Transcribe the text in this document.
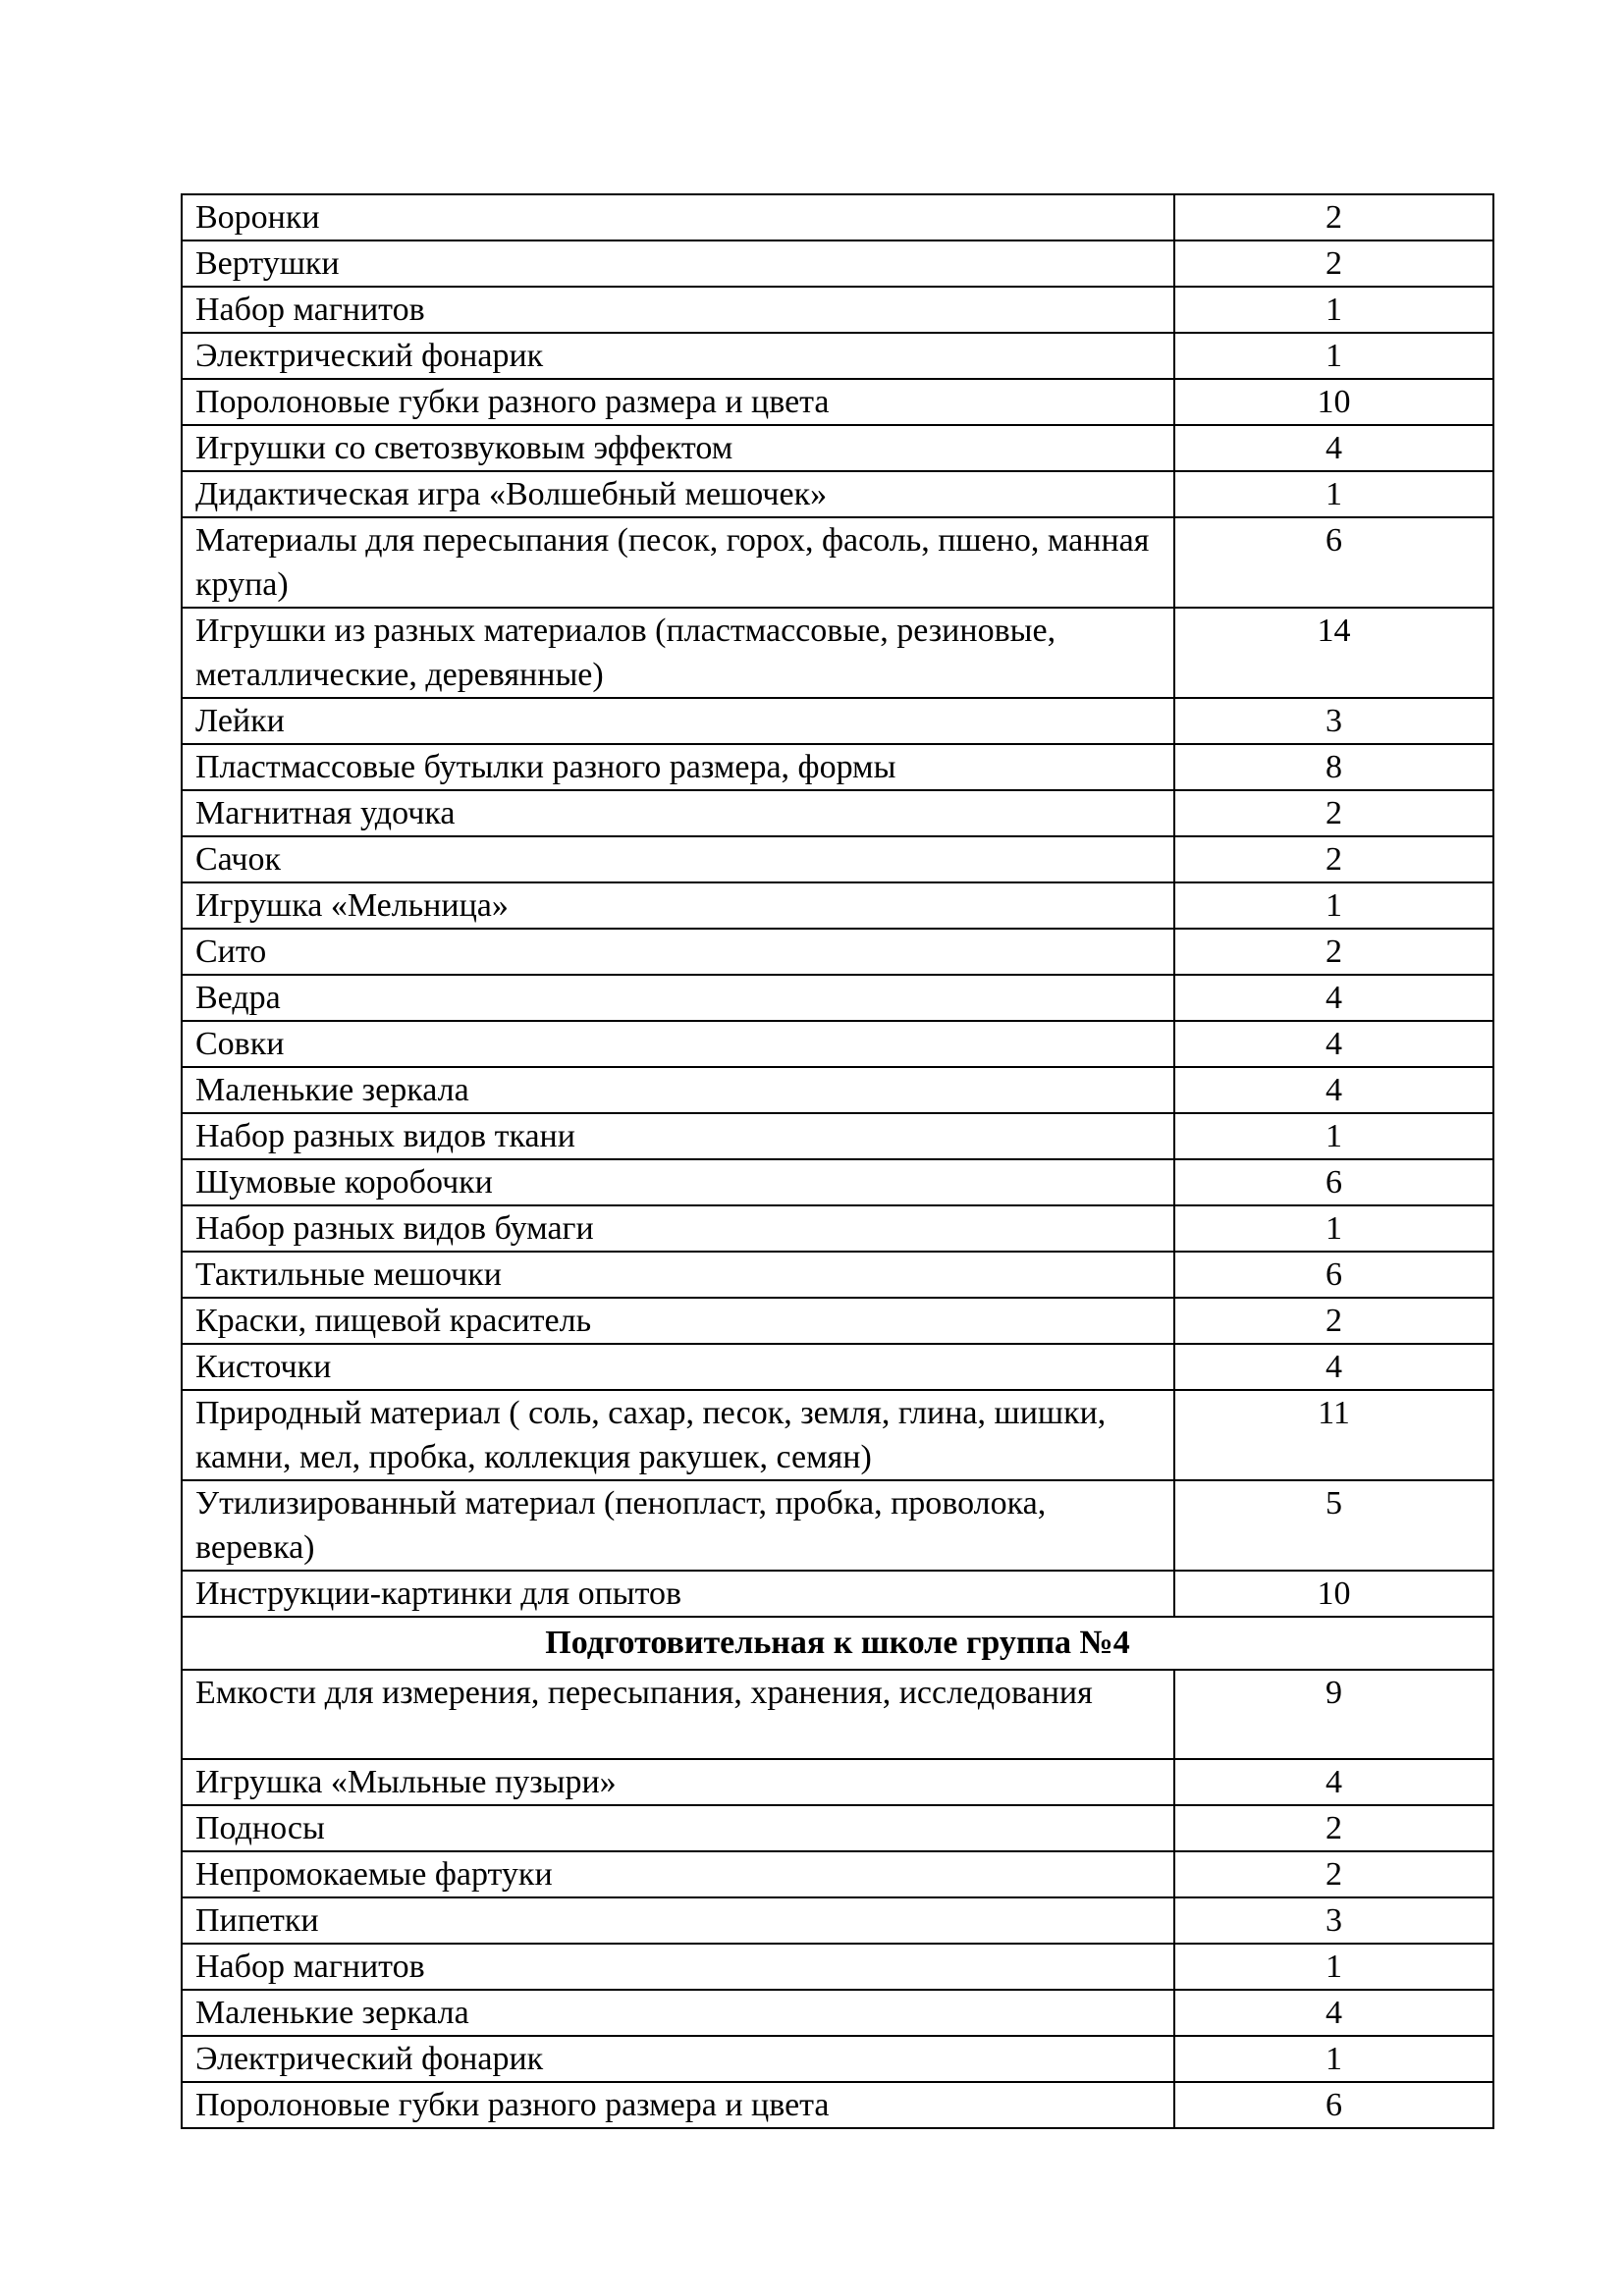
Воронки	2
Вертушки	2
Набор магнитов	1
Электрический фонарик	1
Поролоновые губки разного размера и цвета	10
Игрушки со светозвуковым эффектом	4
Дидактическая игра «Волшебный мешочек»	1
Материалы для пересыпания (песок, горох, фасоль, пшено, манная крупа)	6
Игрушки из разных материалов (пластмассовые, резиновые, металлические, деревянные)	14
Лейки	3
Пластмассовые бутылки разного размера, формы	8
Магнитная удочка	2
Сачок	2
Игрушка «Мельница»	1
Сито	2
Ведра	4
Совки	4
Маленькие зеркала	4
Набор разных видов ткани	1
Шумовые коробочки	6
Набор разных видов бумаги	1
Тактильные мешочки	6
Краски, пищевой краситель	2
Кисточки	4
Природный материал ( соль, сахар, песок, земля, глина, шишки, камни, мел, пробка, коллекция ракушек, семян)	11
Утилизированный материал (пенопласт, пробка, проволока, веревка)	5
Инструкции-картинки для опытов	10
Подготовительная к школе группа №4	
Емкости для измерения, пересыпания, хранения, исследования	9
Игрушка «Мыльные пузыри»	4
Подносы	2
Непромокаемые фартуки	2
Пипетки	3
Набор магнитов	1
Маленькие зеркала	4
Электрический фонарик	1
Поролоновые губки разного размера и цвета	6
